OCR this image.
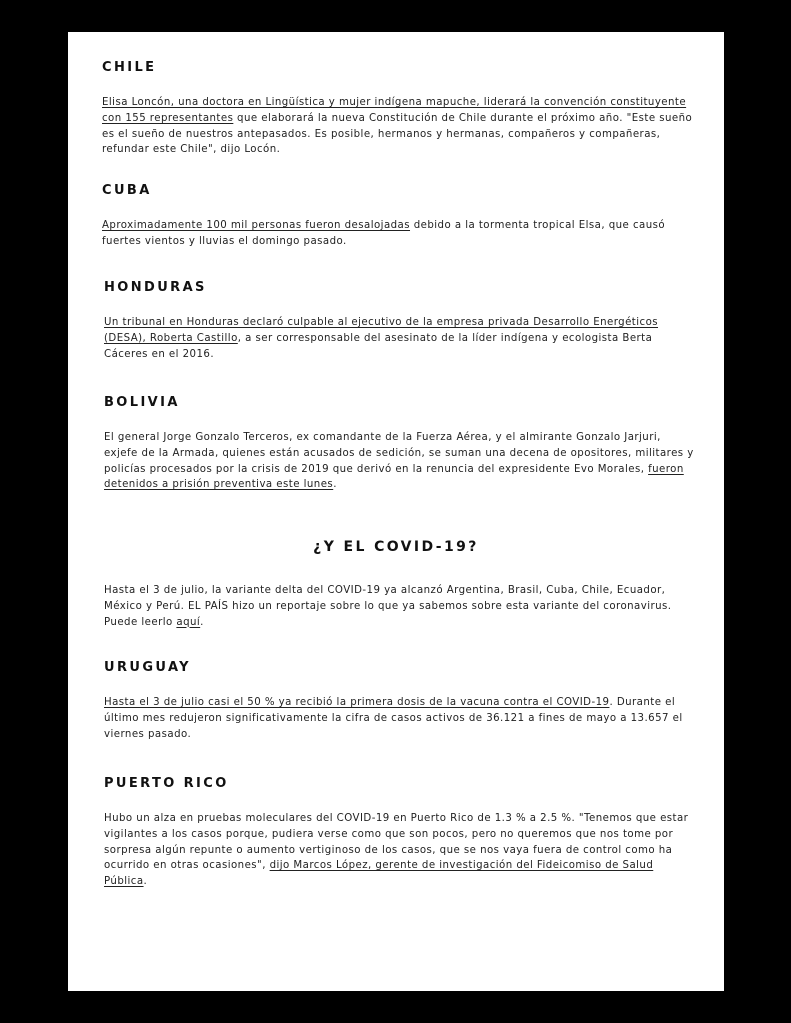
CHILE

Elisa Loncón, una doctora en Lingüística y mujer indígena mapuche, liderará la convención constituyente con 155 representantes que elaborará la nueva Constitución de Chile durante el próximo año. "Este sueño es el sueño de nuestros antepasados. Es posible, hermanos y hermanas, compañeros y compañeras, refundar este Chile", dijo Locón.

CUBA

Aproximadamente 100 mil personas fueron desalojadas debido a la tormenta tropical Elsa, que causó fuertes vientos y lluvias el domingo pasado.

HONDURAS

Un tribunal en Honduras declaró culpable al ejecutivo de la empresa privada Desarrollo Energéticos (DESA), Roberta Castillo, a ser corresponsable del asesinato de la líder indígena y ecologista Berta Cáceres en el 2016.

BOLIVIA

El general Jorge Gonzalo Terceros, ex comandante de la Fuerza Aérea, y el almirante Gonzalo Jarjuri, exjefe de la Armada, quienes están acusados de sedición, se suman una decena de opositores, militares y policías procesados por la crisis de 2019 que derivó en la renuncia del expresidente Evo Morales, fueron detenidos a prisión preventiva este lunes.

¿Y EL COVID-19?

Hasta el 3 de julio, la variante delta del COVID-19 ya alcanzó Argentina, Brasil, Cuba, Chile, Ecuador, México y Perú. EL PAÍS hizo un reportaje sobre lo que ya sabemos sobre esta variante del coronavirus. Puede leerlo aquí.

URUGUAY

Hasta el 3 de julio casi el 50 % ya recibió la primera dosis de la vacuna contra el COVID-19. Durante el último mes redujeron significativamente la cifra de casos activos de 36.121 a fines de mayo a 13.657 el viernes pasado.

PUERTO RICO

Hubo un alza en pruebas moleculares del COVID-19 en Puerto Rico de 1.3 % a 2.5 %. "Tenemos que estar vigilantes a los casos porque, pudiera verse como que son pocos, pero no queremos que nos tome por sorpresa algún repunte o aumento vertiginoso de los casos, que se nos vaya fuera de control como ha ocurrido en otras ocasiones", dijo Marcos López, gerente de investigación del Fideicomiso de Salud Pública.
